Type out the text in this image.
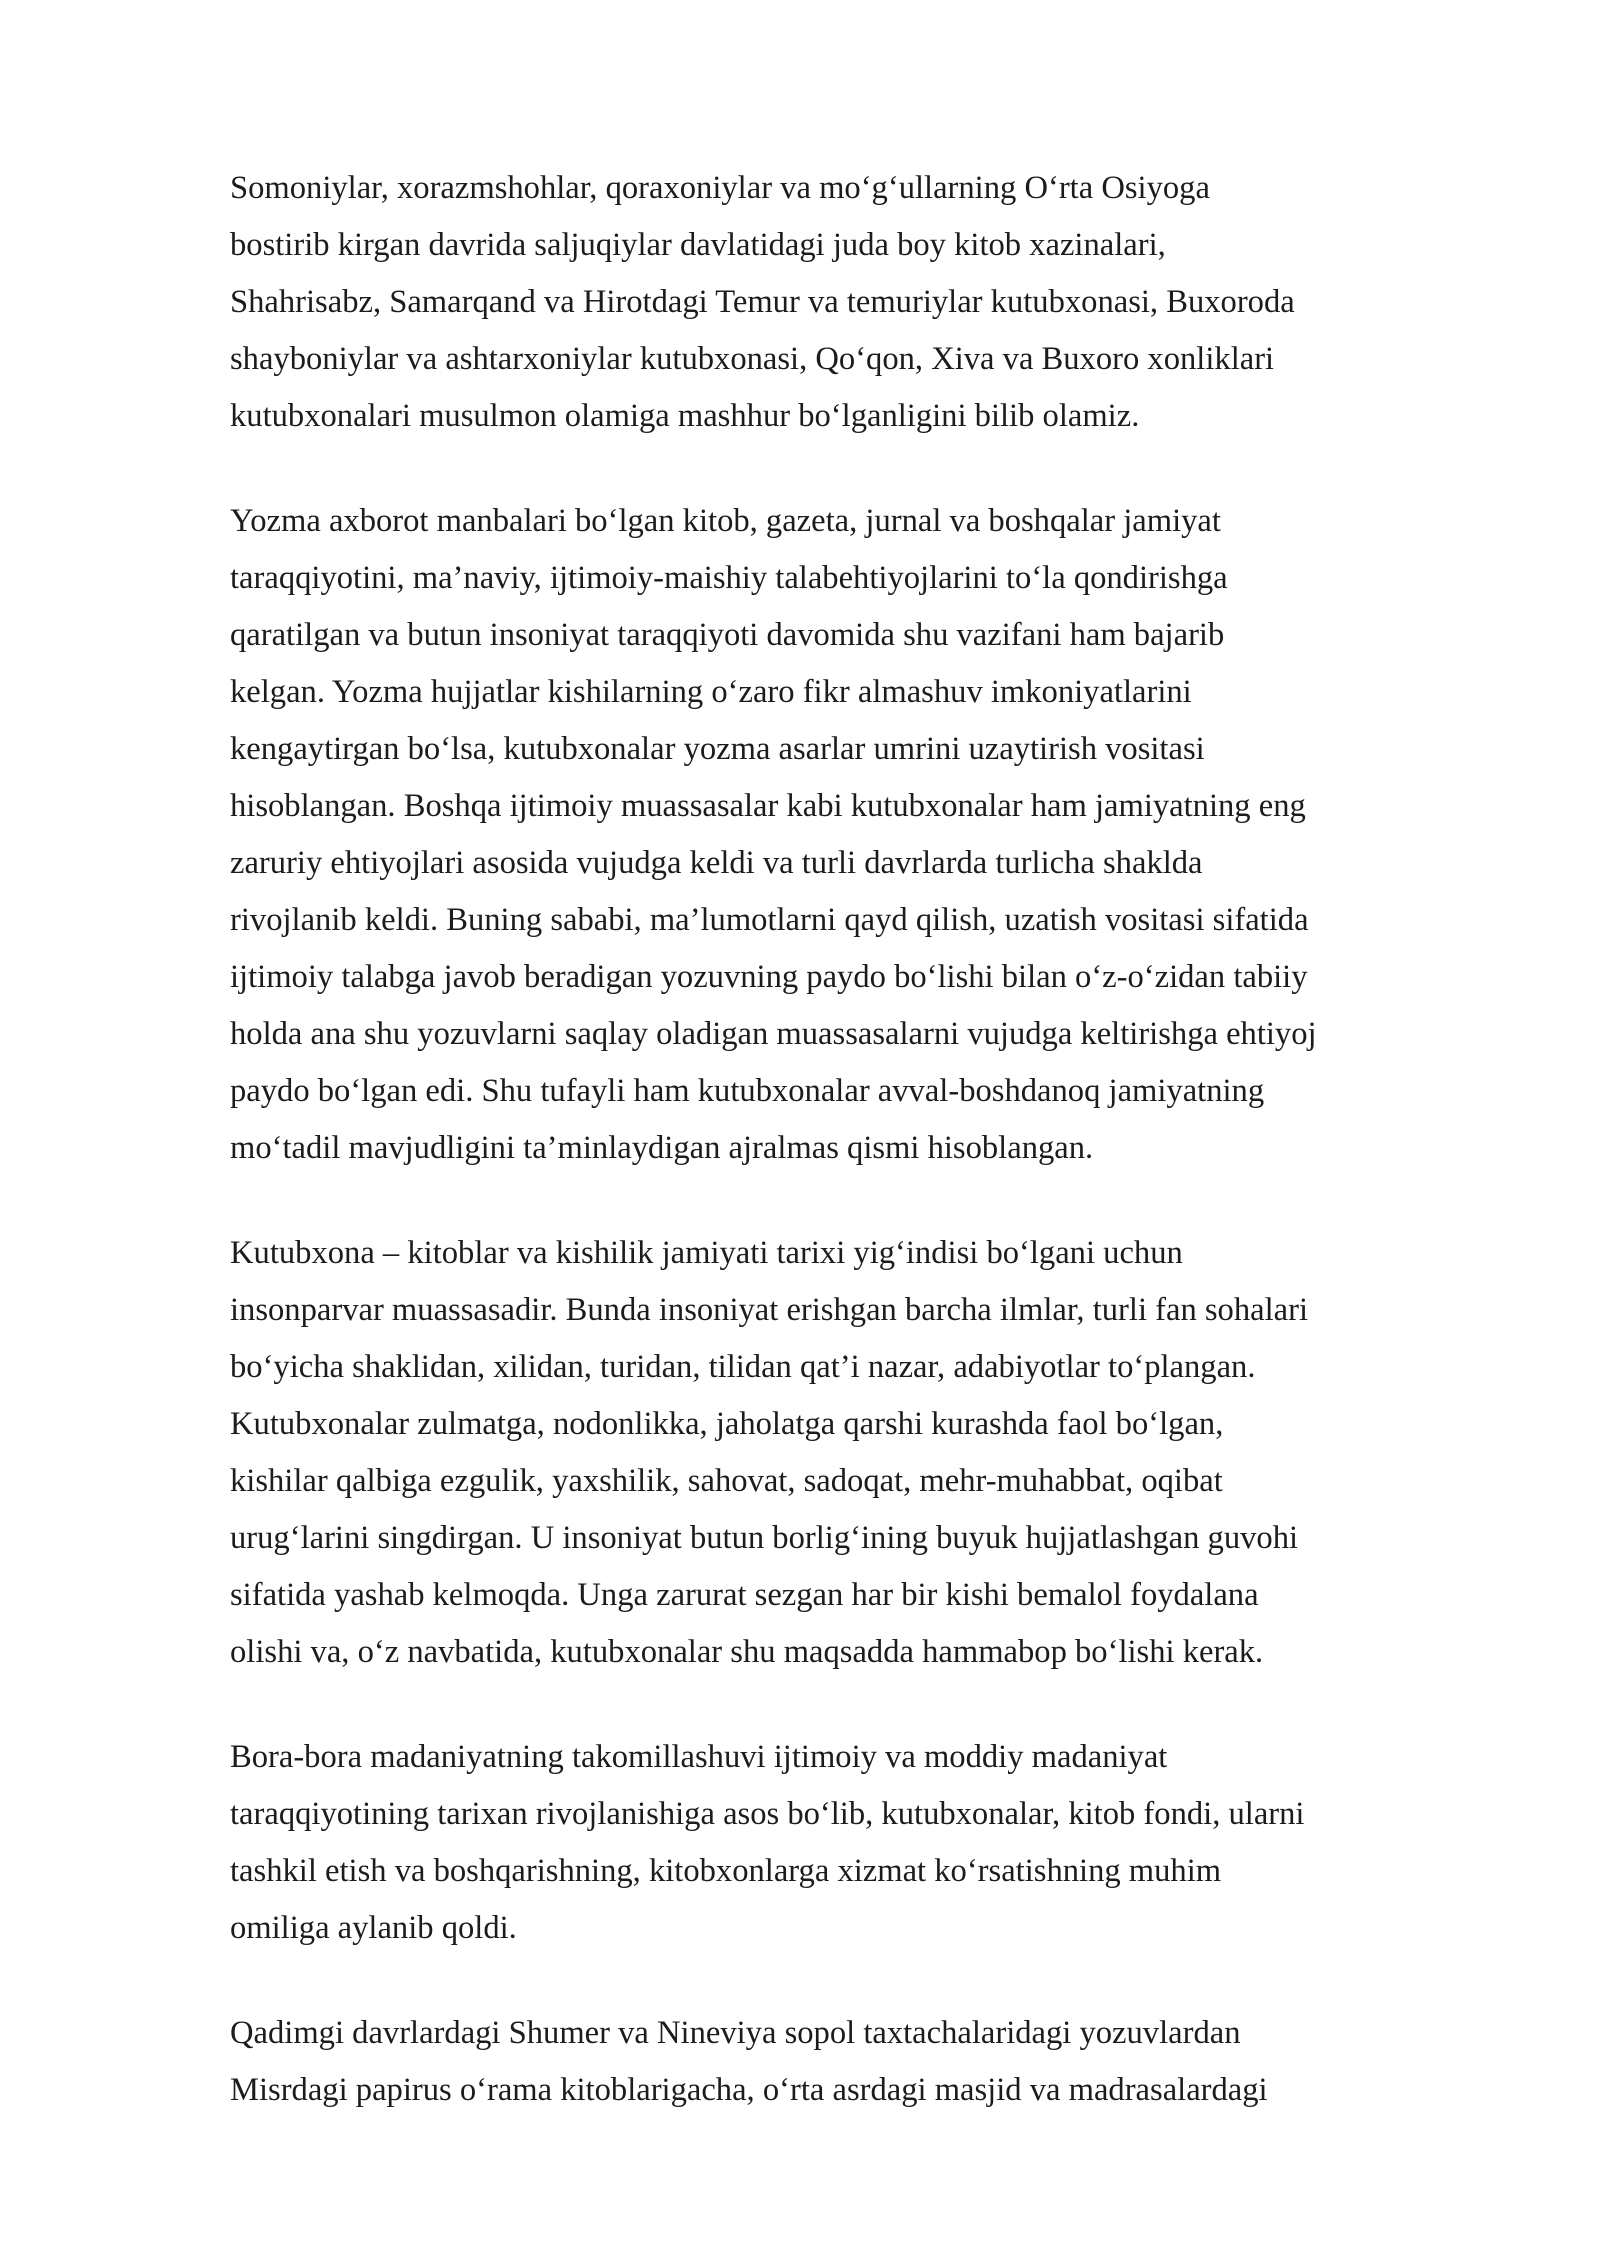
Somoniylar, xorazmshohlar, qoraxoniylar va mo‘g‘ullarning O‘rta Osiyoga
bostirib kirgan davrida saljuqiylar davlatidagi juda boy kitob xazinalari,
Shahrisabz, Samarqand va Hirotdagi Temur va temuriylar kutubxonasi, Buxoroda
shayboniylar va ashtarxoniylar kutubxonasi, Qo‘qon, Xiva va Buxoro xonliklari
kutubxonalari musulmon olamiga mashhur bo‘lganligini bilib olamiz.

Yozma axborot manbalari bo‘lgan kitob, gazeta, jurnal va boshqalar jamiyat
taraqqiyotini, ma’naviy, ijtimoiy-maishiy talabehtiyojlarini to‘la qondirishga
qaratilgan va butun insoniyat taraqqiyoti davomida shu vazifani ham bajarib
kelgan. Yozma hujjatlar kishilarning o‘zaro fikr almashuv imkoniyatlarini
kengaytirgan bo‘lsa, kutubxonalar yozma asarlar umrini uzaytirish vositasi
hisoblangan. Boshqa ijtimoiy muassasalar kabi kutubxonalar ham jamiyatning eng
zaruriy ehtiyojlari asosida vujudga keldi va turli davrlarda turlicha shaklda
rivojlanib keldi. Buning sababi, ma’lumotlarni qayd qilish, uzatish vositasi sifatida
ijtimoiy talabga javob beradigan yozuvning paydo bo‘lishi bilan o‘z-o‘zidan tabiiy
holda ana shu yozuvlarni saqlay oladigan muassasalarni vujudga keltirishga ehtiyoj
paydo bo‘lgan edi. Shu tufayli ham kutubxonalar avval-boshdanoq jamiyatning
mo‘tadil mavjudligini ta’minlaydigan ajralmas qismi hisoblangan.

Kutubxona – kitoblar va kishilik jamiyati tarixi yig‘indisi bo‘lgani uchun
insonparvar muassasadir. Bunda insoniyat erishgan barcha ilmlar, turli fan sohalari
bo‘yicha shaklidan, xilidan, turidan, tilidan qat’i nazar, adabiyotlar to‘plangan.
Kutubxonalar zulmatga, nodonlikka, jaholatga qarshi kurashda faol bo‘lgan,
kishilar qalbiga ezgulik, yaxshilik, sahovat, sadoqat, mehr-muhabbat, oqibat
urug‘larini singdirgan. U insoniyat butun borlig‘ining buyuk hujjatlashgan guvohi
sifatida yashab kelmoqda. Unga zarurat sezgan har bir kishi bemalol foydalana
olishi va, o‘z navbatida, kutubxonalar shu maqsadda hammabop bo‘lishi kerak.

Bora-bora madaniyatning takomillashuvi ijtimoiy va moddiy madaniyat
taraqqiyotining tarixan rivojlanishiga asos bo‘lib, kutubxonalar, kitob fondi, ularni
tashkil etish va boshqarishning, kitobxonlarga xizmat ko‘rsatishning muhim
omiliga aylanib qoldi.

Qadimgi davrlardagi Shumer va Nineviya sopol taxtachalaridagi yozuvlardan
Misrdagi papirus o‘rama kitoblarigacha, o‘rta asrdagi masjid va madrasalardagi
